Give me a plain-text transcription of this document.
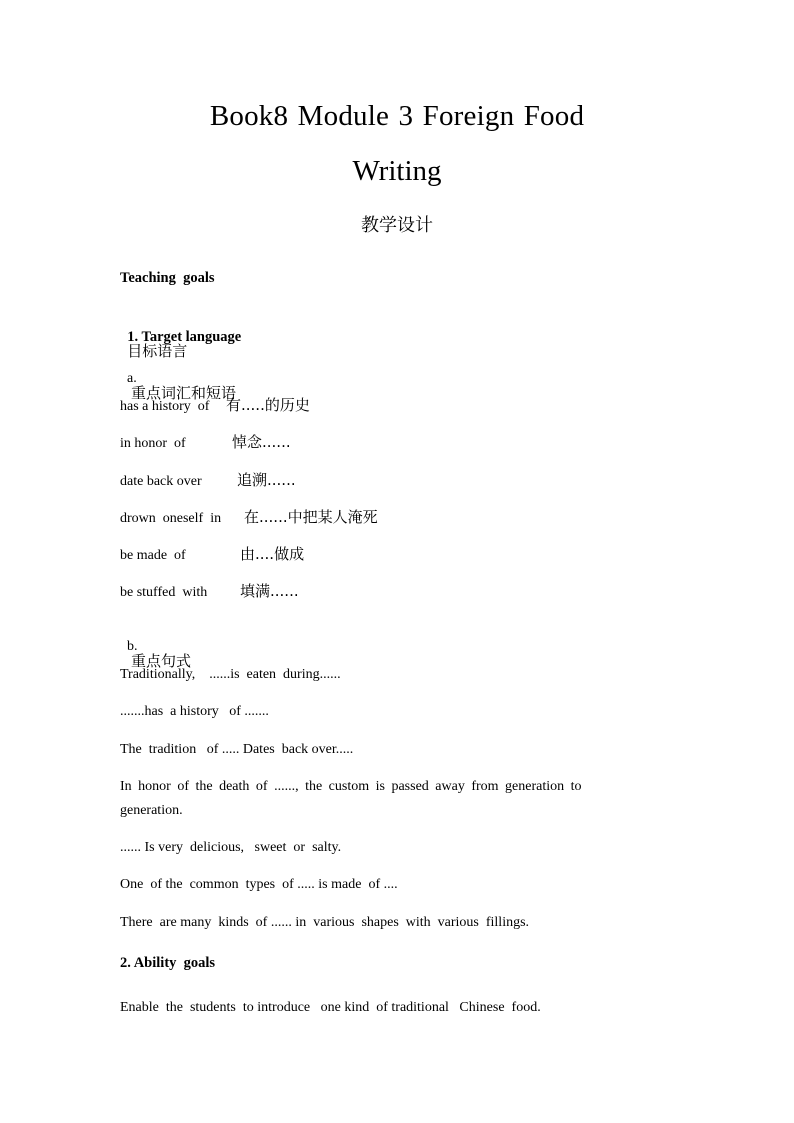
Book8 Module 3 Foreign Food
Writing
教学设计
Teaching  goals

1. Target language
目标语言

a.
重点词汇和短语

has a history  of 有.....的历史
in honor  of	悼念......
date back over 追溯......
drown  oneself  in 在......中把某人淹死
be made  of	由....做成
be stuffed  with 填满......

b.
重点句式

Traditionally,    ......is  eaten  during......
.......has  a history   of .......
The  tradition   of ..... Dates  back over.....
In honor of the death of ......, the custom is passed away from generation to generation.
...... Is very  delicious,   sweet  or  salty.
One  of the  common  types  of ..... is made  of ....
There  are many  kinds  of ...... in  various  shapes  with  various  fillings.
2. Ability  goals
Enable  the  students  to introduce   one kind  of traditional   Chinese  food.
